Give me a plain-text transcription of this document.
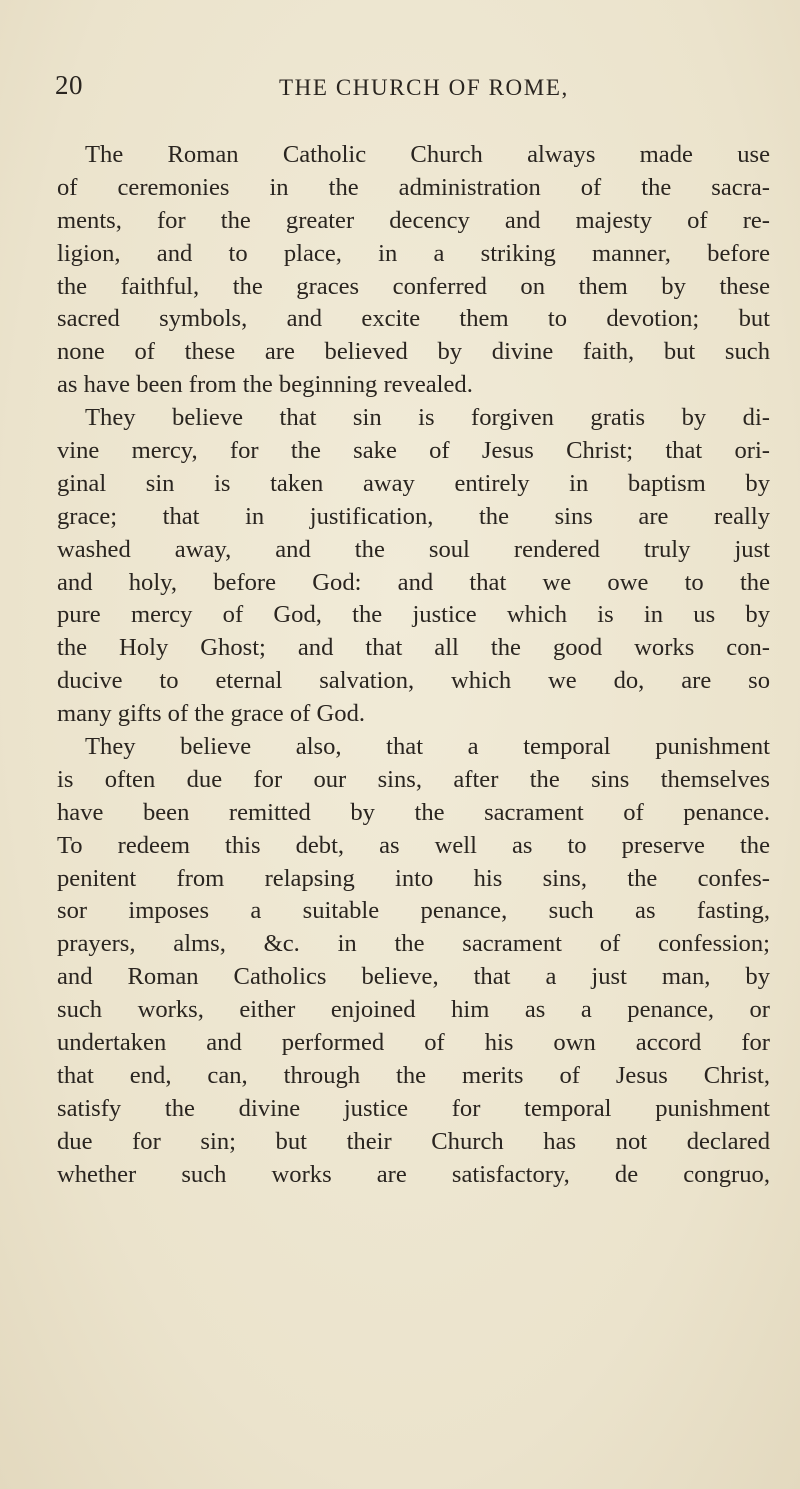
20	THE CHURCH OF ROME,
The Roman Catholic Church always made use
of ceremonies in the administration of the sacra-
ments, for the greater decency and majesty of re-
ligion, and to place, in a striking manner, before
the faithful, the graces conferred on them by these
sacred symbols, and excite them to devotion; but
none of these are believed by divine faith, but such
as have been from the beginning revealed.
They believe that sin is forgiven gratis by di-
vine mercy, for the sake of Jesus Christ; that ori-
ginal sin is taken away entirely in baptism by
grace; that in justification, the sins are really
washed away, and the soul rendered truly just
and holy, before God: and that we owe to the
pure mercy of God, the justice which is in us by
the Holy Ghost; and that all the good works con-
ducive to eternal salvation, which we do, are so
many gifts of the grace of God.
They believe also, that a temporal punishment
is often due for our sins, after the sins themselves
have been remitted by the sacrament of penance.
To redeem this debt, as well as to preserve the
penitent from relapsing into his sins, the confes-
sor imposes a suitable penance, such as fasting,
prayers, alms, &c. in the sacrament of confession;
and Roman Catholics believe, that a just man, by
such works, either enjoined him as a penance, or
undertaken and performed of his own accord for
that end, can, through the merits of Jesus Christ,
satisfy the divine justice for temporal punishment
due for sin; but their Church has not declared
whether such works are satisfactory, de congruo,
